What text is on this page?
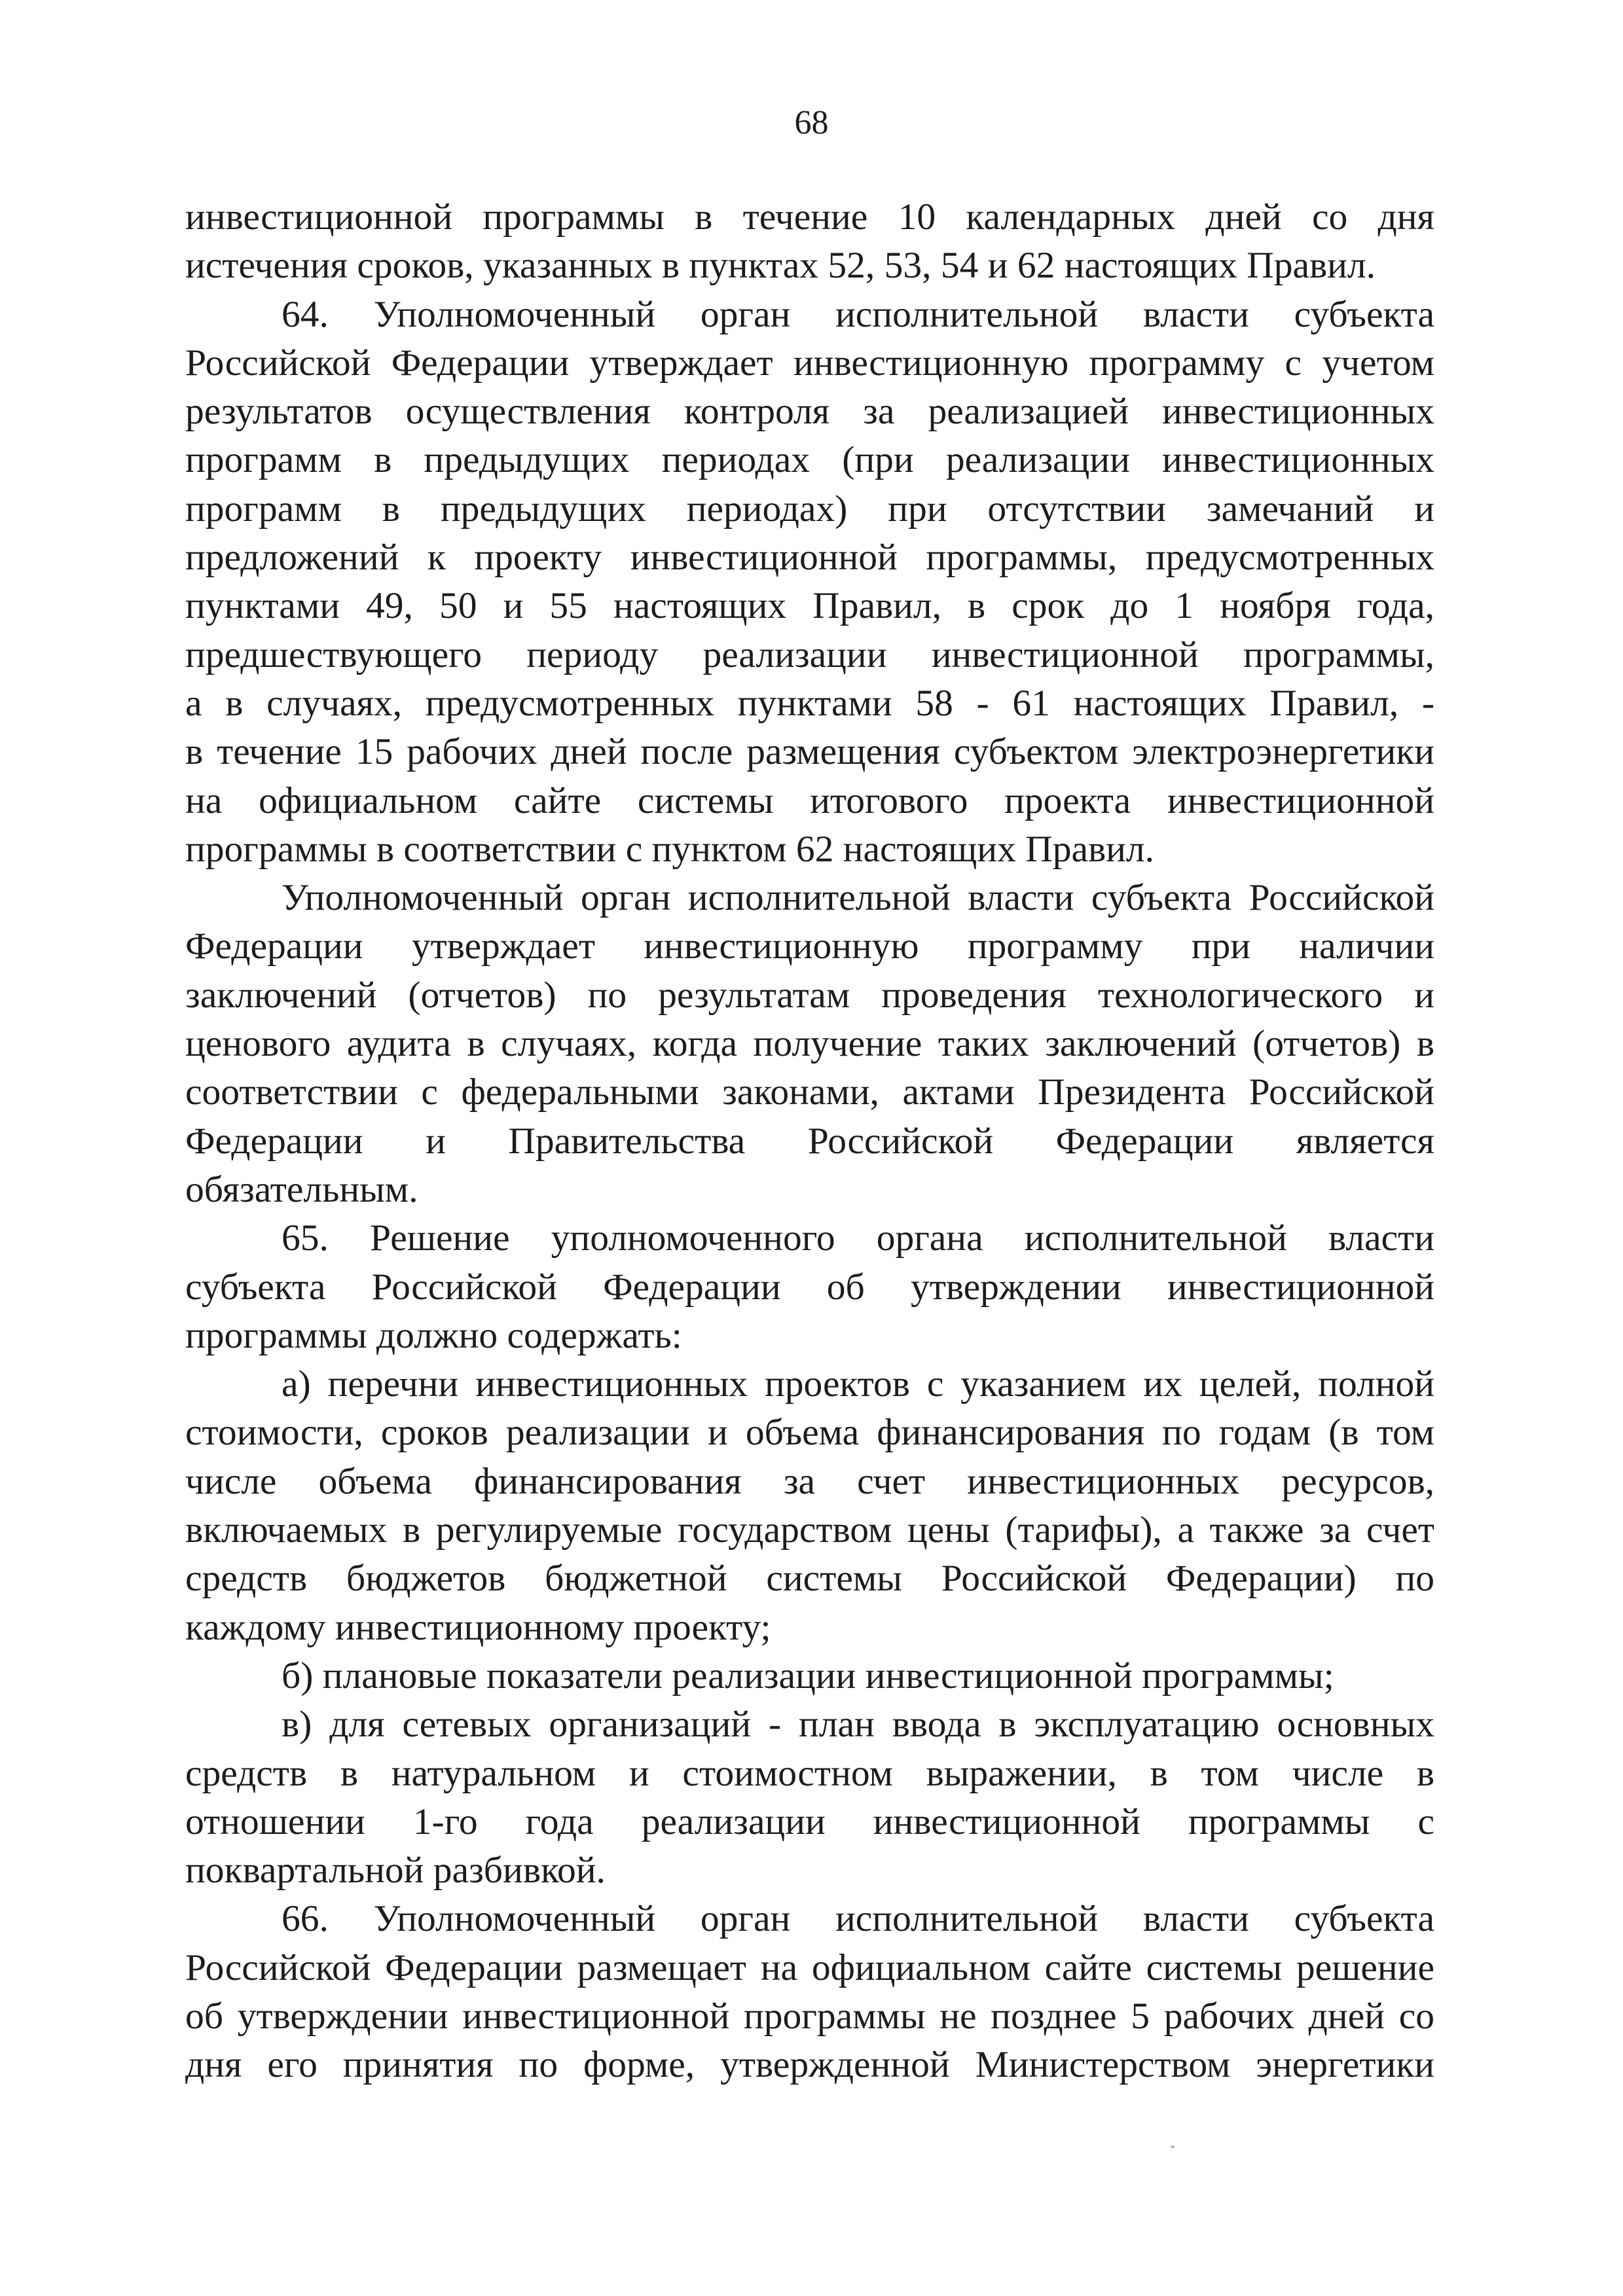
68

инвестиционной программы в течение 10 календарных дней со дня
истечения сроков, указанных в пунктах 52, 53, 54 и 62 настоящих Правил.

64. Уполномоченный орган исполнительной власти субъекта
Российской Федерации утверждает инвестиционную программу с учетом
результатов осуществления контроля за реализацией инвестиционных
программ в предыдущих периодах (при реализации инвестиционных
программ в предыдущих периодах) при отсутствии замечаний и
предложений к проекту инвестиционной программы, предусмотренных
пунктами 49, 50 и 55 настоящих Правил, в срок до 1 ноября года,
предшествующего периоду реализации инвестиционной программы,
а в случаях, предусмотренных пунктами 58 - 61 настоящих Правил, -
в течение 15 рабочих дней после размещения субъектом электроэнергетики
на официальном сайте системы итогового проекта инвестиционной
программы в соответствии с пунктом 62 настоящих Правил.

Уполномоченный орган исполнительной власти субъекта Российской
Федерации утверждает инвестиционную программу при наличии
заключений (отчетов) по результатам проведения технологического и
ценового аудита в случаях, когда получение таких заключений (отчетов) в
соответствии с федеральными законами, актами Президента Российской
Федерации и Правительства Российской Федерации является
обязательным.

65. Решение уполномоченного органа исполнительной власти
субъекта Российской Федерации об утверждении инвестиционной
программы должно содержать:

а) перечни инвестиционных проектов с указанием их целей, полной
стоимости, сроков реализации и объема финансирования по годам (в том
числе объема финансирования за счет инвестиционных ресурсов,
включаемых в регулируемые государством цены (тарифы), а также за счет
средств бюджетов бюджетной системы Российской Федерации) по
каждому инвестиционному проекту;

б) плановые показатели реализации инвестиционной программы;

в) для сетевых организаций - план ввода в эксплуатацию основных
средств в натуральном и стоимостном выражении, в том числе в
отношении 1-го года реализации инвестиционной программы с
поквартальной разбивкой.

66. Уполномоченный орган исполнительной власти субъекта
Российской Федерации размещает на официальном сайте системы решение
об утверждении инвестиционной программы не позднее 5 рабочих дней со
дня его принятия по форме, утвержденной Министерством энергетики
